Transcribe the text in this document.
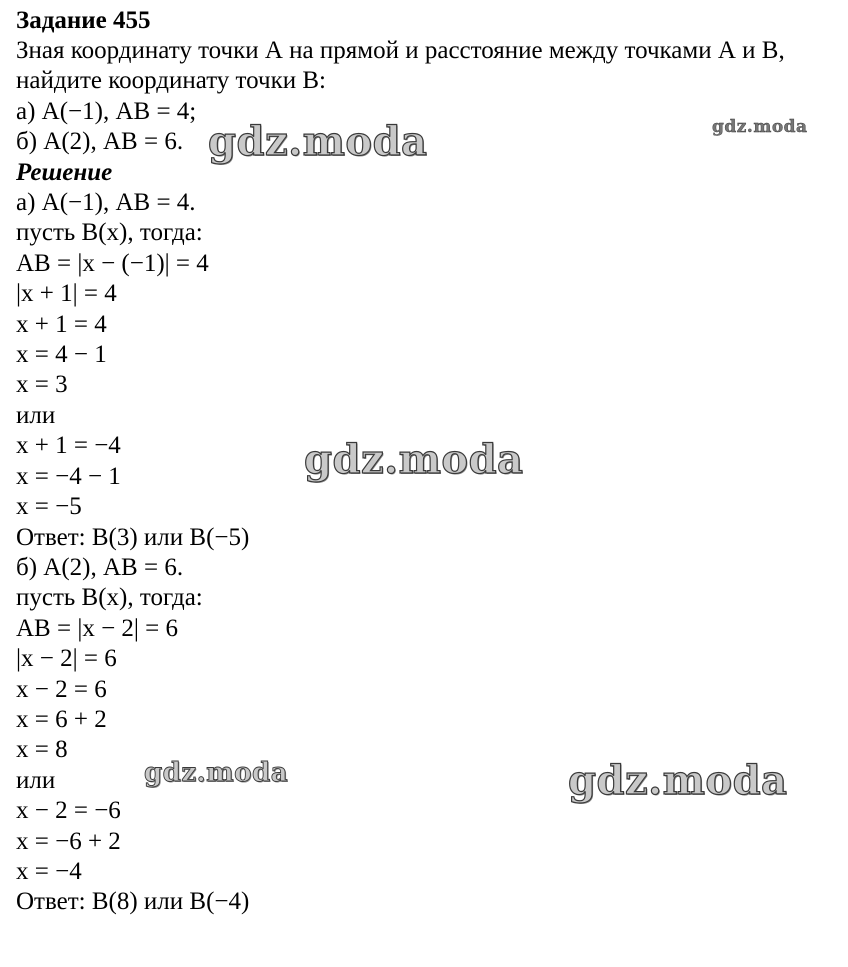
Задание 455

Зная координату точки А на прямой и расстояние между точками А и В,

найдите координату точки В:

а) А(−1), АВ = 4;

б) А(2), АВ = 6.

Решение

а) А(−1), АВ = 4.

пусть В(х), тогда:

АВ = |х − (−1)| = 4

|х + 1| = 4

х + 1 = 4

х = 4 − 1

х = 3

или

х + 1 = −4

х = −4 − 1

х = −5

Ответ: В(3) или В(−5)

б) А(2), АВ = 6.

пусть В(х), тогда:

АВ = |х − 2| = 6

|х − 2| = 6

х − 2 = 6

х = 6 + 2

х = 8

или

х − 2 = −6

х = −6 + 2

х = −4

Ответ: В(8) или В(−4)

gdz.moda	gdz.moda
gdz.moda
gdz.moda	gdz.moda
